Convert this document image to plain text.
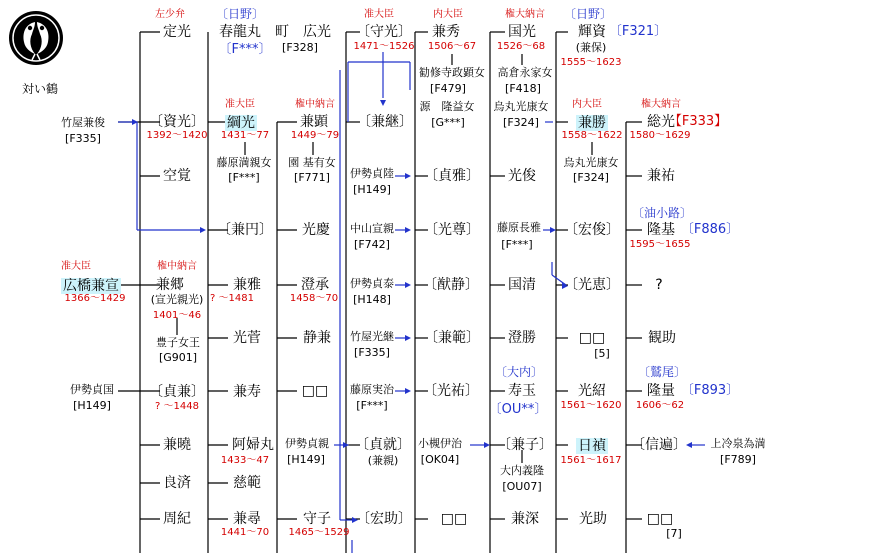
対い鶴
左少弁
定光
〔資光〕
1392〜1420
空覚
権中納言
兼郷
(宣光親光)
1401〜46
豊子女王
[G901]
〔貞兼〕
? 〜1448
兼曉
良済
周紀
〔日野〕
春龍丸　町　広光
〔F***〕 [F328]
准大臣
綱光
1431〜77
藤原満親女
[F***]
〔兼円〕
兼雅
? 〜1481
光菅
兼寿
阿婦丸
1433〜47
慈範
兼尋
1441〜70
権中納言
兼顕
1449〜79
園 基有女
[F771]
光慶
澄承
1458〜70
静兼
□□
伊勢貞親
[H149]
守子
1465〜1529
准大臣
〔守光〕
1471〜1526
〔兼継〕
伊勢貞陸
[H149]
中山宣親
[F742]
伊勢貞泰
[H148]
竹屋光継
[F335]
藤原実治
[F***]
〔貞就〕
(兼親)
〔宏助〕
内大臣
兼秀
1506〜67
勧修寺政顕女
[F479]
源　隆益女
[G***]
〔貞雅〕
〔光尊〕
〔猷静〕
〔兼範〕
〔光祐〕
小槻伊治
[OK04]
□□
権大納言
国光
1526〜68
高倉永家女
[F418]
烏丸光康女
[F324]
光俊
藤原長雅
[F***]
国清
澄勝
〔大内〕
寿玉
〔OU**〕
〔兼子〕
大内義隆
[OU07]
兼深
〔日野〕
輝資 〔F321〕
(兼保)
1555〜1623
内大臣
兼勝
1558〜1622
烏丸光康女
[F324]
〔宏俊〕
〔光恵〕
□□
[5]
光紹
1561〜1620
日禎
1561〜1617
光助
権大納言
総光
【F333】
1580〜1629
兼祐
〔油小路〕
隆基 〔F886〕
1595〜1655
?
観助
〔鷲尾〕
隆量 〔F893〕
1606〜62
〔信遍〕
□□
[7]
竹屋兼俊
[F335]
准大臣
広橋兼宣
1366〜1429
伊勢貞国
[H149]
上冷泉為満
[F789]
